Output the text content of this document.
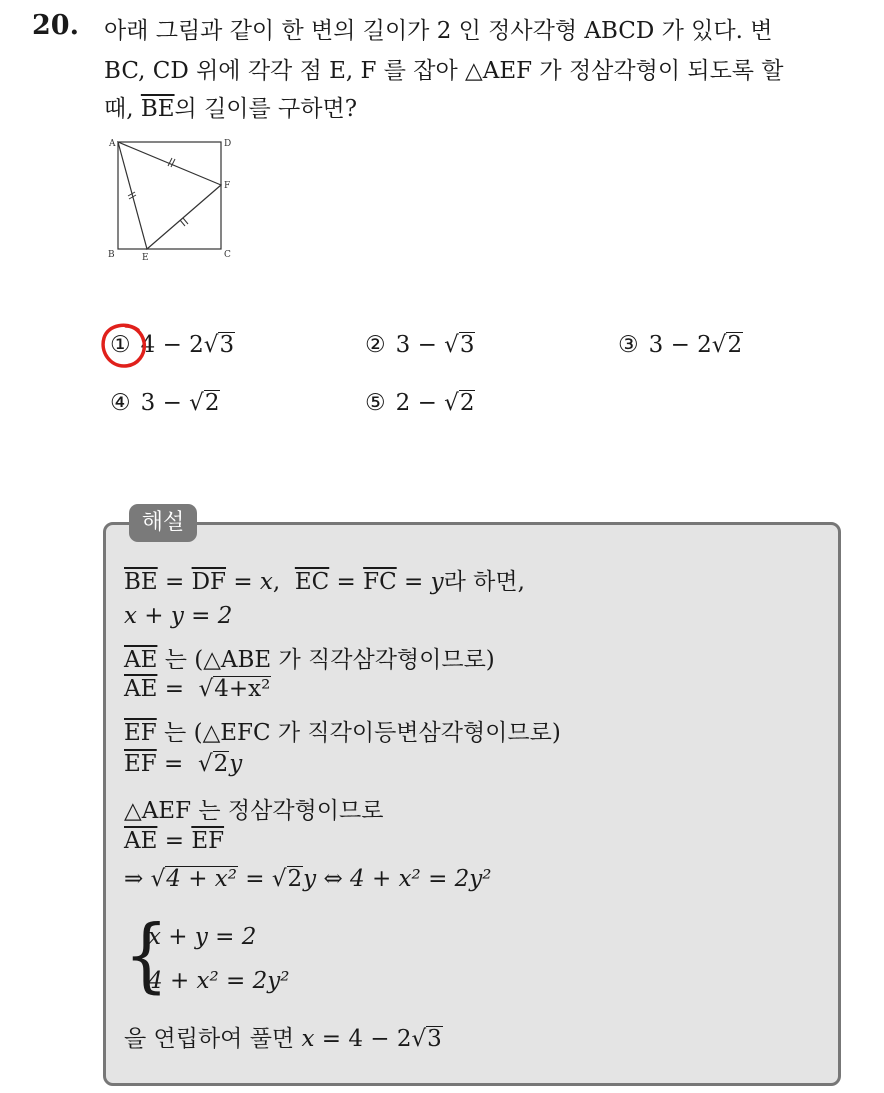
20. 아래 그림과 같이 한 변의 길이가 2 인 정사각형 ABCD 가 있다. 변
BC, CD 위에 각각 점 E, F 를 잡아 △AEF 가 정삼각형이 되도록 할
때, $\overline{BE}$의 길이를 구하면?
A	D
F
B	E	C
① 4 − 2√3	② 3 − √3	③ 3 − 2√2
④ 3 − √2	⑤ 2 − √2
해설
$\overline{BE} = \overline{DF} = x$,  $\overline{EC} = \overline{FC} = y$라 하면,
x + y = 2
$\overline{AE}$ 는 (△ABE 가 직각삼각형이므로)
$\overline{AE} = √4+x^2$
$\overline{EF}$ 는 (△EFC 가 직각이등변삼각형이므로)
$\overline{EF} = √2y$
△AEF 는 정삼각형이므로
$\overline{AE} = \overline{EF}$
⇒ √4 + x² = √2y ⇔ 4 + x² = 2y²
{
x + y = 2
4 + x² = 2y²
을 연립하여 풀면 x = 4 − 2√3
